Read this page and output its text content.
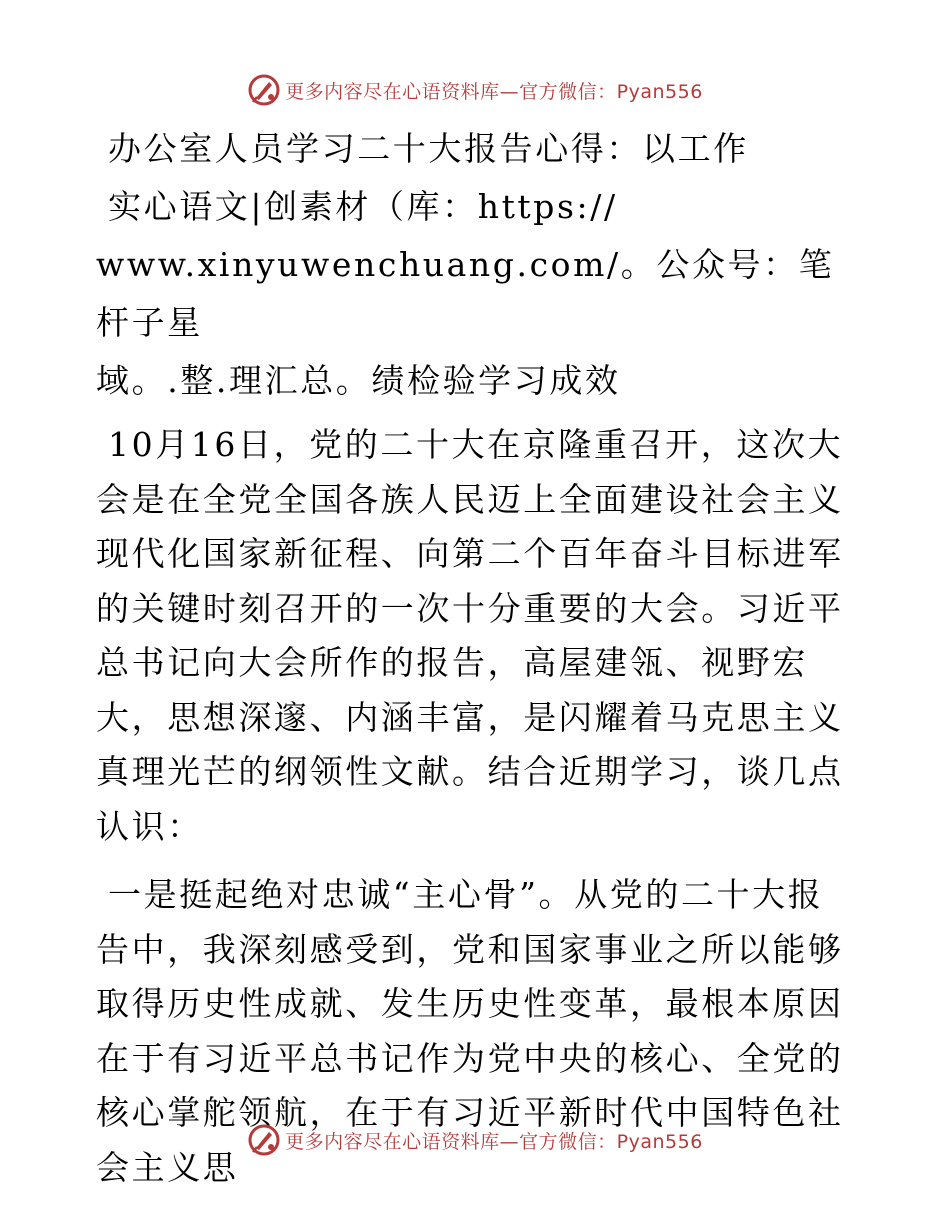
更多内容尽在心语资料库—官方微信：Pyan556
办公室人员学习二十大报告心得：以工作
实心语文|创素材（库：https://
www.xinyuwenchuang.com/。公众号：笔杆子星
域。.整.理汇总。绩检验学习成效
10月16日，党的二十大在京隆重召开，这次大会是在全党全国各族人民迈上全面建设社会主义现代化国家新征程、向第二个百年奋斗目标进军的关键时刻召开的一次十分重要的大会。习近平总书记向大会所作的报告，高屋建瓴、视野宏大，思想深邃、内涵丰富，是闪耀着马克思主义真理光芒的纲领性文献。结合近期学习，谈几点认识：
一是挺起绝对忠诚“主心骨”。从党的二十大报告中，我深刻感受到，党和国家事业之所以能够取得历史性成就、发生历史性变革，最根本原因在于有习近平总书记作为党中央的核心、全党的核心掌舵领航，在于有习近平新时代中国特色社会主义思
更多内容尽在心语资料库—官方微信：Pyan556
